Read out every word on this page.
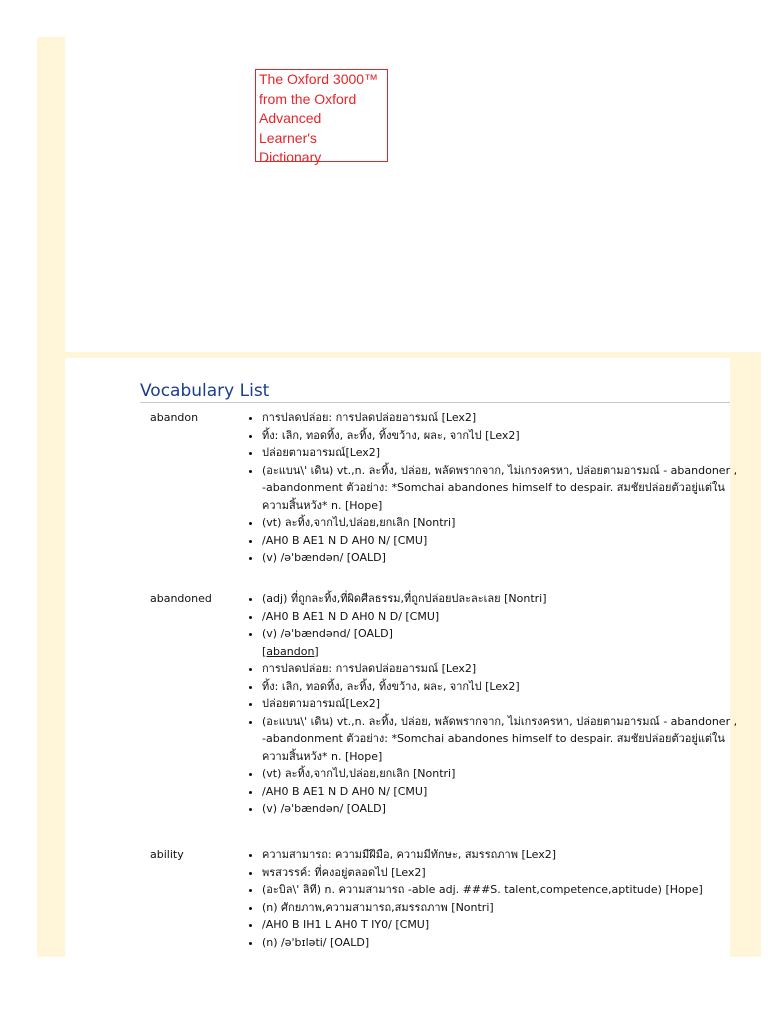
The Oxford 3000™
from the Oxford
Advanced
Learner's
Dictionary
Vocabulary List
abandon	• การปลดปล่อย: การปลดปล่อยอารมณ์ [Lex2]
• ทิ้ง: เลิก, ทอดทิ้ง, ละทิ้ง, ทิ้งขว้าง, ผละ, จากไป [Lex2]
• ปล่อยตามอารมณ์[Lex2]
• (อะแบน\' เดิน) vt.,n. ละทิ้ง, ปล่อย, พลัดพรากจาก, ไม่เกรงครหา, ปล่อยตามอารมณ์ - abandoner , -abandonment ตัวอย่าง: *Somchai abandones himself to despair. สมชัยปล่อยตัวอยู่แต่ในความสิ้นหวัง* n. [Hope]
• (vt) ละทิ้ง,จากไป,ปล่อย,ยกเลิก [Nontri]
• /AH0 B AE1 N D AH0 N/ [CMU]
• (v) /ə'bændən/ [OALD]
abandoned	• (adj) ที่ถูกละทิ้ง,ที่ผิดศีลธรรม,ที่ถูกปล่อยปละละเลย [Nontri]
• /AH0 B AE1 N D AH0 N D/ [CMU]
• (v) /ə'bændənd/ [OALD]
[abandon]
• การปลดปล่อย: การปลดปล่อยอารมณ์ [Lex2]
• ทิ้ง: เลิก, ทอดทิ้ง, ละทิ้ง, ทิ้งขว้าง, ผละ, จากไป [Lex2]
• ปล่อยตามอารมณ์[Lex2]
• (อะแบน\' เดิน) vt.,n. ละทิ้ง, ปล่อย, พลัดพรากจาก, ไม่เกรงครหา, ปล่อยตามอารมณ์ - abandoner , -abandonment ตัวอย่าง: *Somchai abandones himself to despair. สมชัยปล่อยตัวอยู่แต่ในความสิ้นหวัง* n. [Hope]
• (vt) ละทิ้ง,จากไป,ปล่อย,ยกเลิก [Nontri]
• /AH0 B AE1 N D AH0 N/ [CMU]
• (v) /ə'bændən/ [OALD]
ability	• ความสามารถ: ความมีฝีมือ, ความมีทักษะ, สมรรถภาพ [Lex2]
• พรสวรรค์: ที่คงอยู่ตลอดไป [Lex2]
• (อะบิล\' ลิที) n. ความสามารถ -able adj. ###S. talent,competence,aptitude) [Hope]
• (n) ศักยภาพ,ความสามารถ,สมรรถภาพ [Nontri]
• /AH0 B IH1 L AH0 T IY0/ [CMU]
• (n) /ə'bɪləti/ [OALD]
